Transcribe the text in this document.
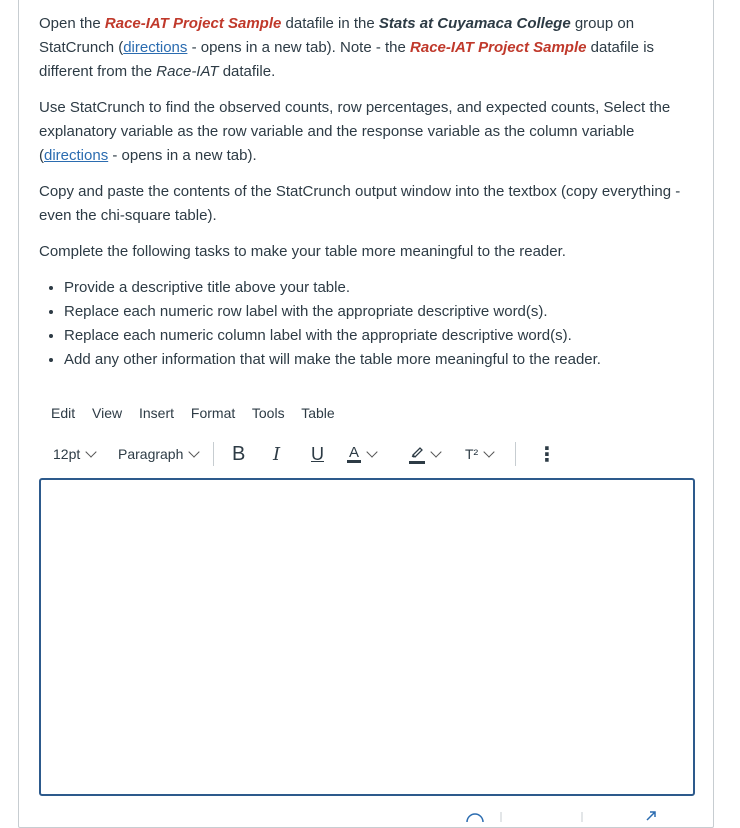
Open the Race-IAT Project Sample datafile in the Stats at Cuyamaca College group on StatCrunch (directions - opens in a new tab). Note - the Race-IAT Project Sample datafile is different from the Race-IAT datafile.

Use StatCrunch to find the observed counts, row percentages, and expected counts, Select the explanatory variable as the row variable and the response variable as the column variable (directions - opens in a new tab).

Copy and paste the contents of the StatCrunch output window into the textbox (copy everything - even the chi-square table).

Complete the following tasks to make your table more meaningful to the reader.

• Provide a descriptive title above your table.
• Replace each numeric row label with the appropriate descriptive word(s).
• Replace each numeric column label with the appropriate descriptive word(s).
• Add any other information that will make the table more meaningful to the reader.
Edit View Insert Format Tools Table
12pt	Paragraph B I U A	T²	⋮
